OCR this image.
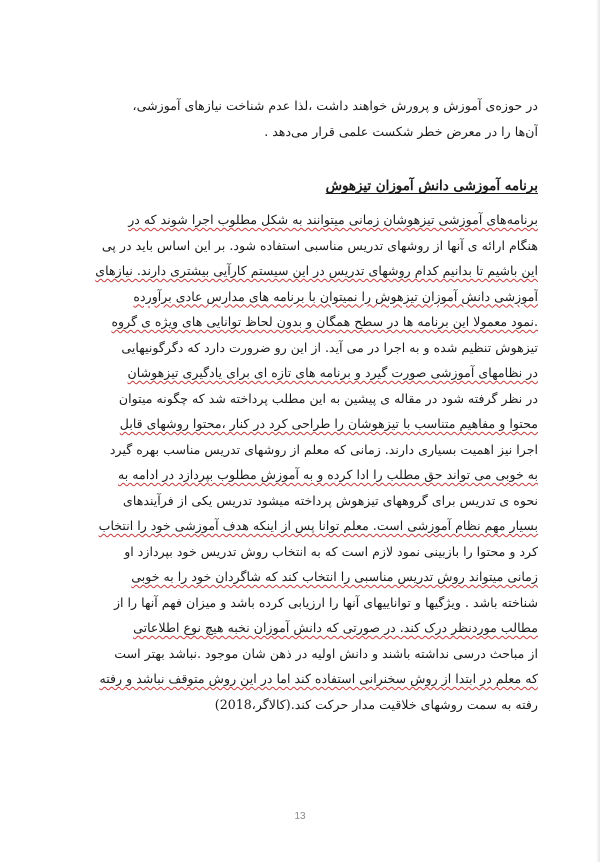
در حوزه‌ی آموزش و پرورش خواهند داشت ،لذا عدم شناخت نیازهای آموزشی،
آن‌ها را در معرض خطر شکست علمی قرار می‌دهد .
برنامه آموزشی دانش آموزان تیزهوش
برنامه‌های آموزشی تیزهوشان زمانی میتوانند به شکل مطلوب اجرا شوند که در
هنگام ارائه ی آنها از روشهای تدریس مناسبی استفاده شود. بر این اساس باید در پی
این باشیم تا بدانیم کدام روشهای تدریس در این سیستم کارآیی بیشتری دارند. نیازهای
آموزشی دانش آموزان تیزهوش را نمیتوان با برنامه های مدارس عادی برآورده
.نمود معمولا این برنامه ها در سطح همگان و بدون لحاظ توانایی های ویژه ی گروه
تیزهوش تنظیم شده و به اجرا در می آید. از این رو ضرورت دارد که دگرگونیهایی
در نظامهای آموزشی صورت گیرد و برنامه های تازه ای برای یادگیری تیزهوشان
در نظر گرفته شود در مقاله ی پیشین به این مطلب پرداخته شد که چگونه میتوان
محتوا و مفاهیم متناسب با تیزهوشان را طراحی کرد در کنار ،محتوا روشهای قابل
اجرا نیز اهمیت بسیاری دارند. زمانی که معلم از روشهای تدریس مناسب بهره گیرد
به خوبی می تواند حق مطلب را ادا کرده و به آموزش مطلوب بپردازد در ادامه به
نحوه ی تدریس برای گروههای تیزهوش پرداخته میشود تدریس یکی از فرآیندهای
بسیار مهم نظام آموزشی است. معلم توانا پس از اینکه هدف آموزشی خود را انتخاب
کرد و محتوا را بازبینی نمود لازم است که به انتخاب روش تدریس خود بپردازد او
زمانی میتواند روش تدریس مناسبی را انتخاب کند که شاگردان خود را به خوبی
شناخته باشد . ویژگیها و تواناییهای آنها را ارزیابی کرده باشد و میزان فهم آنها را از
مطالب موردنظر درک کند. در صورتی که دانش آموزان نخبه هیچ نوع اطلاعاتی
از مباحث درسی نداشته باشند و دانش اولیه در ذهن شان موجود .نباشد بهتر است
که معلم در ابتدا از روش سخنرانی استفاده کند اما در این روش متوقف نباشد و رفته
رفته به سمت روشهای خلاقیت مدار حرکت کند.(کالاگر،2018)
13
